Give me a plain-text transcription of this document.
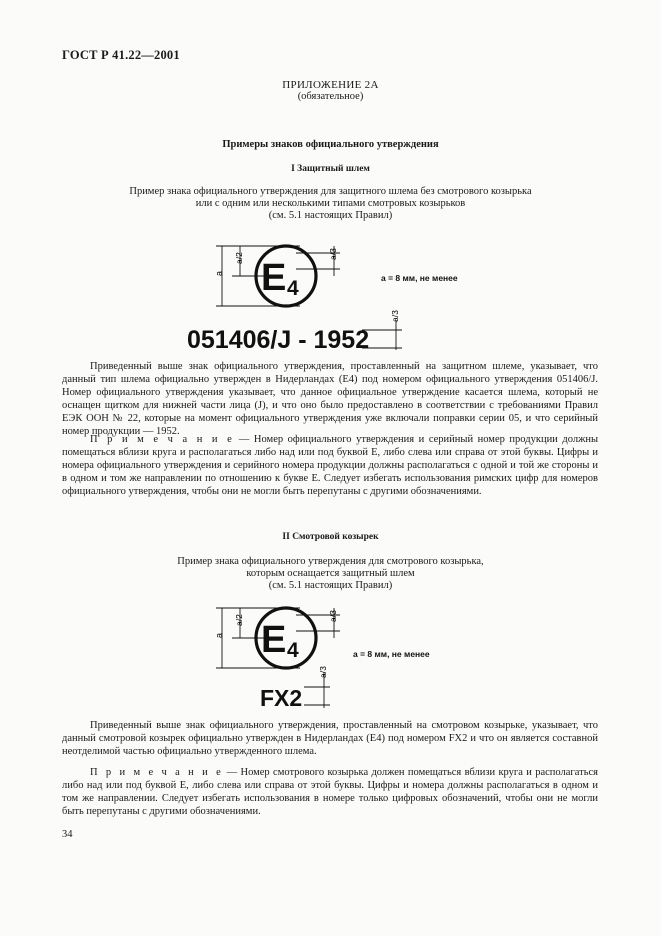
ГОСТ Р 41.22—2001
ПРИЛОЖЕНИЕ 2А
(обязательное)
Примеры знаков официального утверждения
I Защитный шлем
Пример знака официального утверждения для защитного шлема без смотрового козырька
или с одним или несколькими типами смотровых козырьков
(см. 5.1 настоящих Правил)
a
a/2 E 4
a/3
a = 8 мм, не менее
051406/J - 1952
a/3
Приведенный выше знак официального утверждения, проставленный на защитном шлеме, указывает, что данный тип шлема официально утвержден в Нидерландах (E4) под номером официального утверждения 051406/J. Номер официального утверждения указывает, что данное официальное утверждение касается шлема, который не оснащен щитком для нижней части лица (J), и что оно было предоставлено в соответствии с требованиями Правил ЕЭК ООН № 22, которые на момент официального утверждения уже включали поправки серии 05, и что серийный номер продукции — 1952.
П р и м е ч а н и е — Номер официального утверждения и серийный номер продукции должны помещаться вблизи круга и располагаться либо над или под буквой E, либо слева или справа от этой буквы. Цифры и номера официального утверждения и серийного номера продукции должны располагаться с одной и той же стороны и в одном и том же направлении по отношению к букве E. Следует избегать использования римских цифр для номеров официального утверждения, чтобы они не могли быть перепутаны с другими обозначениями.
II Смотровой козырек
Пример знака официального утверждения для смотрового козырька,
которым оснащается защитный шлем
(см. 5.1 настоящих Правил)
a
a/2 E 4
a/3
a = 8 мм, не менее
FX2
a/3
Приведенный выше знак официального утверждения, проставленный на смотровом козырьке, указывает, что данный смотровой козырек официально утвержден в Нидерландах (E4) под номером FX2 и что он является составной неотделимой частью официально утвержденного шлема.
П р и м е ч а н и е — Номер смотрового козырька должен помещаться вблизи круга и располагаться либо над или под буквой E, либо слева или справа от этой буквы. Цифры и номера должны располагаться в одном и том же направлении. Следует избегать использования в номере только цифровых обозначений, чтобы они не могли быть перепутаны с другими обозначениями.
34
